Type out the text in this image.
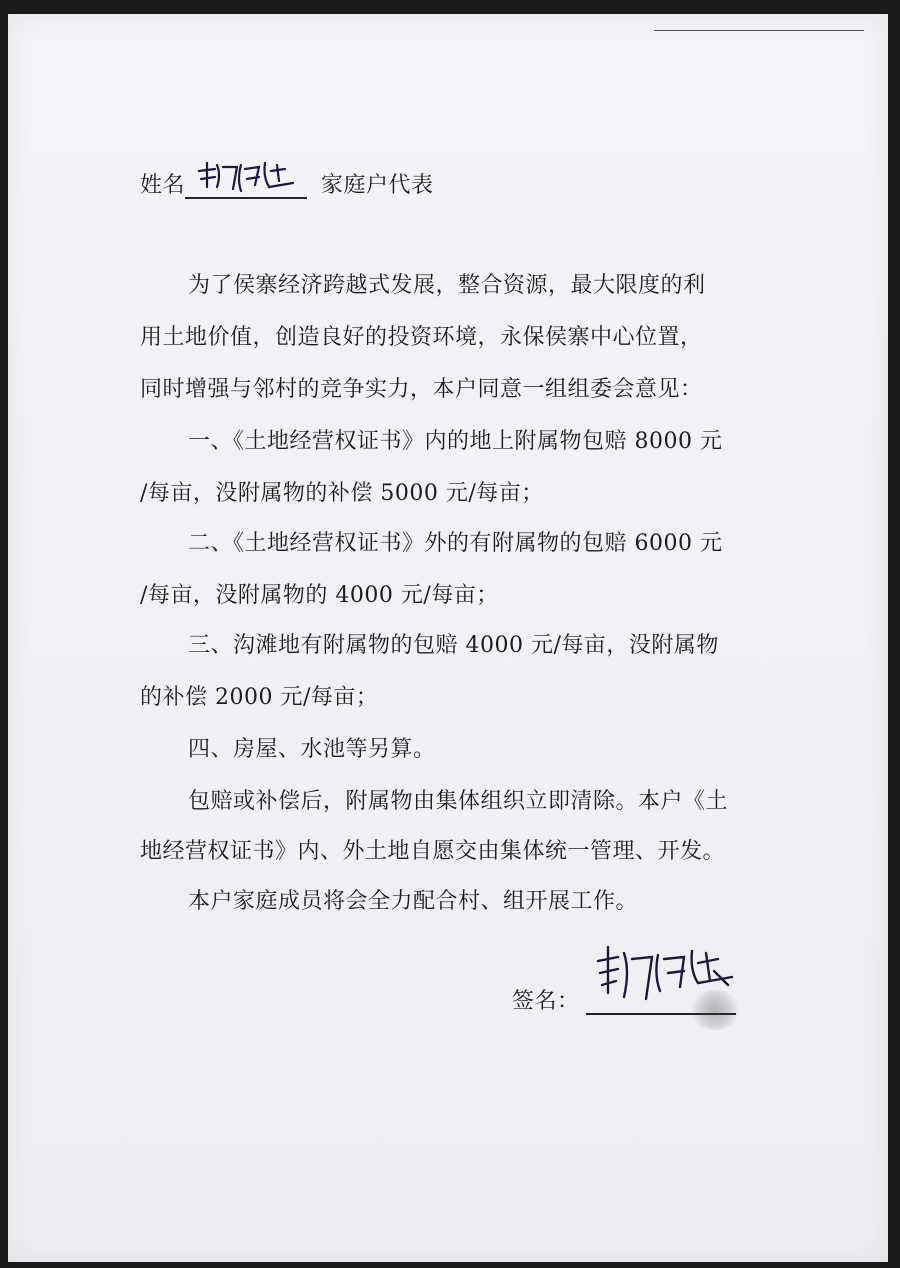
姓名	家庭户代表
为了侯寨经济跨越式发展，整合资源，最大限度的利
用土地价值，创造良好的投资环境，永保侯寨中心位置，
同时增强与邻村的竞争实力，本户同意一组组委会意见：
一、《土地经营权证书》内的地上附属物包赔 8000 元
/每亩，没附属物的补偿 5000 元/每亩；
二、《土地经营权证书》外的有附属物的包赔 6000 元
/每亩，没附属物的 4000 元/每亩；
三、沟滩地有附属物的包赔 4000 元/每亩，没附属物
的补偿 2000 元/每亩；
四、房屋、水池等另算。
包赔或补偿后，附属物由集体组织立即清除。本户《土
地经营权证书》内、外土地自愿交由集体统一管理、开发。
本户家庭成员将会全力配合村、组开展工作。
签名：
